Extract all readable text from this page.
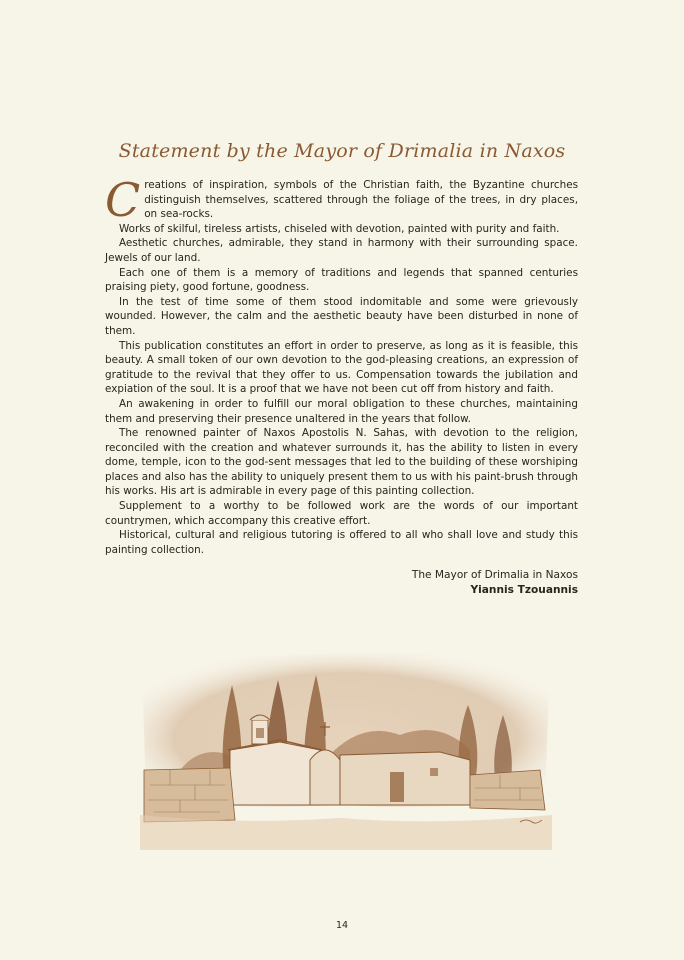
Statement by the Mayor of Drimalia in Naxos

Creations of inspiration, symbols of the Christian faith, the Byzantine churches distinguish themselves, scattered through the foliage of the trees, in dry places, on sea-rocks.

Works of skilful, tireless artists, chiseled with devotion, painted with purity and faith.

Aesthetic churches, admirable, they stand in harmony with their surrounding space. Jewels of our land.

Each one of them is a memory of traditions and legends that spanned centuries praising piety, good fortune, goodness.

In the test of time some of them stood indomitable and some were grievously wounded. However, the calm and the aesthetic beauty have been disturbed in none of them.

This publication constitutes an effort in order to preserve, as long as it is feasible, this beauty. A small token of our own devotion to the god-pleasing creations, an expression of gratitude to the revival that they offer to us. Compensation towards the jubilation and expiation of the soul. It is a proof that we have not been cut off from history and faith.

An awakening in order to fulfill our moral obligation to these churches, maintaining them and preserving their presence unaltered in the years that follow.

The renowned painter of Naxos Apostolis N. Sahas, with devotion to the religion, reconciled with the creation and whatever surrounds it, has the ability to listen in every dome, temple, icon to the god-sent messages that led to the building of these worshiping places and also has the ability to uniquely present them to us with his paint-brush through his works. His art is admirable in every page of this painting collection.

Supplement to a worthy to be followed work are the words of our important countrymen, which accompany this creative effort.

Historical, cultural and religious tutoring is offered to all who shall love and study this painting collection.

The Mayor of Drimalia in Naxos
Yiannis Tzouannis
14
